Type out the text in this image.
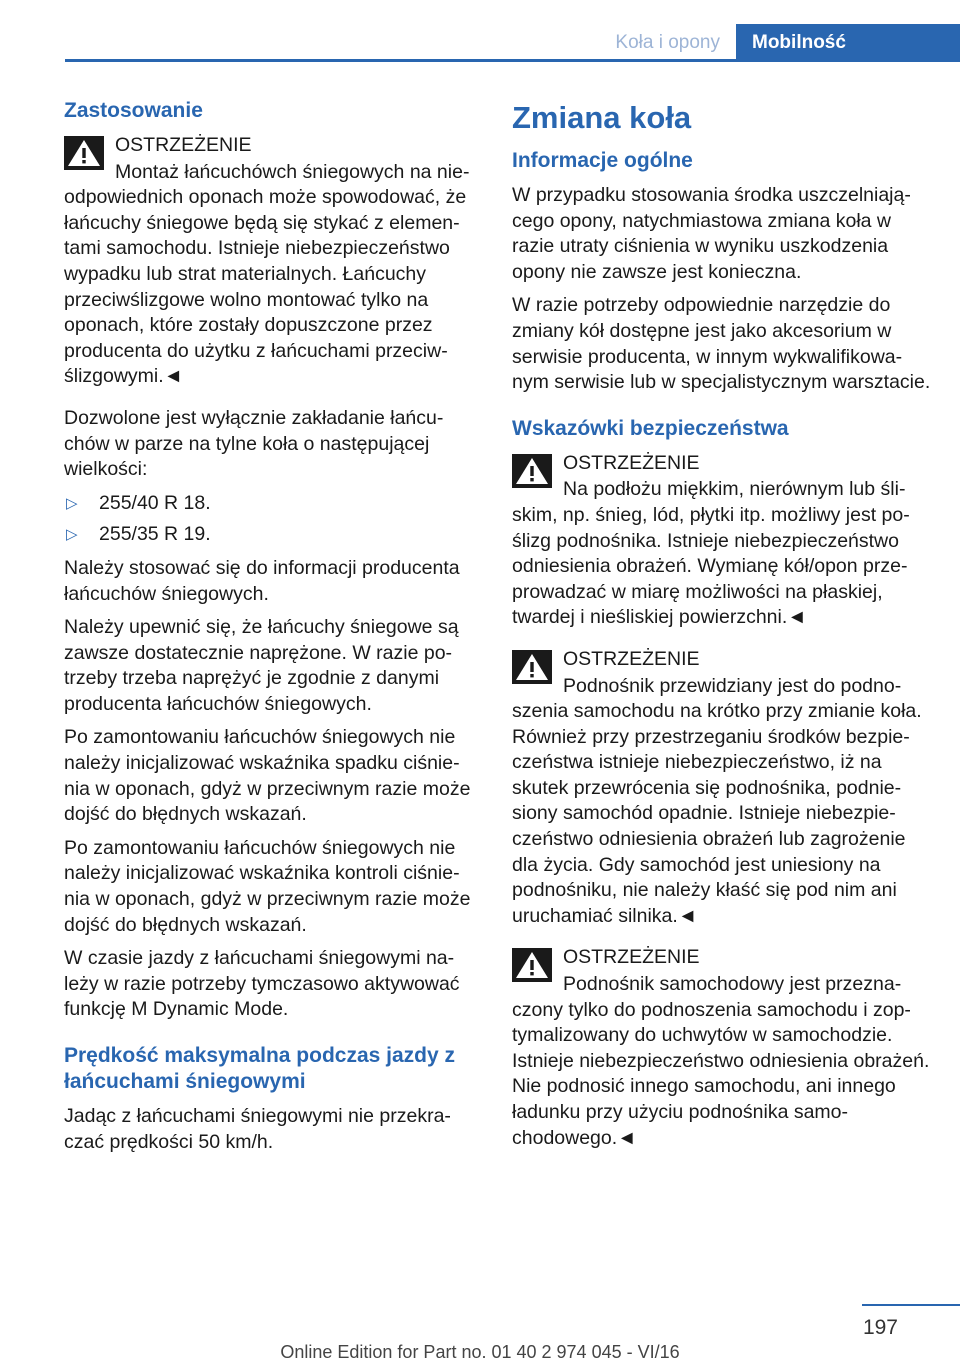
Koła i opony	Mobilność
Zastosowanie
OSTRZEŻENIE
Montaż łańcuchówch śniegowych na nieodpowiednich oponach może spowodować, że łańcuchy śniegowe będą się stykać z elementami samochodu. Istnieje niebezpieczeństwo wypadku lub strat materialnych. Łańcuchy przeciwślizgowe wolno montować tylko na oponach, które zostały dopuszczone przez producenta do użytku z łańcuchami przeciwślizgowymi.◄

Dozwolone jest wyłącznie zakładanie łańcuchów w parze na tylne koła o następującej wielkości:

▷ 255/40 R 18.
▷ 255/35 R 19.

Należy stosować się do informacji producenta łańcuchów śniegowych.

Należy upewnić się, że łańcuchy śniegowe są zawsze dostatecznie naprężone. W razie potrzeby trzeba naprężyć je zgodnie z danymi producenta łańcuchów śniegowych.

Po zamontowaniu łańcuchów śniegowych nie należy inicjalizować wskaźnika spadku ciśnienia w oponach, gdyż w przeciwnym razie może dojść do błędnych wskazań.

Po zamontowaniu łańcuchów śniegowych nie należy inicjalizować wskaźnika kontroli ciśnienia w oponach, gdyż w przeciwnym razie może dojść do błędnych wskazań.

W czasie jazdy z łańcuchami śniegowymi należy w razie potrzeby tymczasowo aktywować funkcję M Dynamic Mode.

Prędkość maksymalna podczas jazdy z łańcuchami śniegowymi

Jadąc z łańcuchami śniegowymi nie przekraczać prędkości 50 km/h.

Zmiana koła
Informacje ogólne

W przypadku stosowania środka uszczelniającego opony, natychmiastowa zmiana koła w razie utraty ciśnienia w wyniku uszkodzenia opony nie zawsze jest konieczna.

W razie potrzeby odpowiednie narzędzie do zmiany kół dostępne jest jako akcesorium w serwisie producenta, w innym wykwalifikowanym serwisie lub w specjalistycznym warsztacie.

Wskazówki bezpieczeństwa
OSTRZEŻENIE
Na podłożu miękkim, nierównym lub śliskim, np. śnieg, lód, płytki itp. możliwy jest poślizg podnośnika. Istnieje niebezpieczeństwo odniesienia obrażeń. Wymianę kół/opon przeprowadzać w miarę możliwości na płaskiej, twardej i nieśliskiej powierzchni.◄
OSTRZEŻENIE
Podnośnik przewidziany jest do podnoszenia samochodu na krótko przy zmianie koła. Również przy przestrzeganiu środków bezpieczeństwa istnieje niebezpieczeństwo, iż na skutek przewrócenia się podnośnika, podniesiony samochód opadnie. Istnieje niebezpieczeństwo odniesienia obrażeń lub zagrożenie dla życia. Gdy samochód jest uniesiony na podnośniku, nie należy kłaść się pod nim ani uruchamiać silnika.◄
OSTRZEŻENIE
Podnośnik samochodowy jest przeznaczony tylko do podnoszenia samochodu i zoptymalizowany do uchwytów w samochodzie. Istnieje niebezpieczeństwo odniesienia obrażeń. Nie podnosić innego samochodu, ani innego ładunku przy użyciu podnośnika samochodowego.◄
197
Online Edition for Part no. 01 40 2 974 045 - VI/16
